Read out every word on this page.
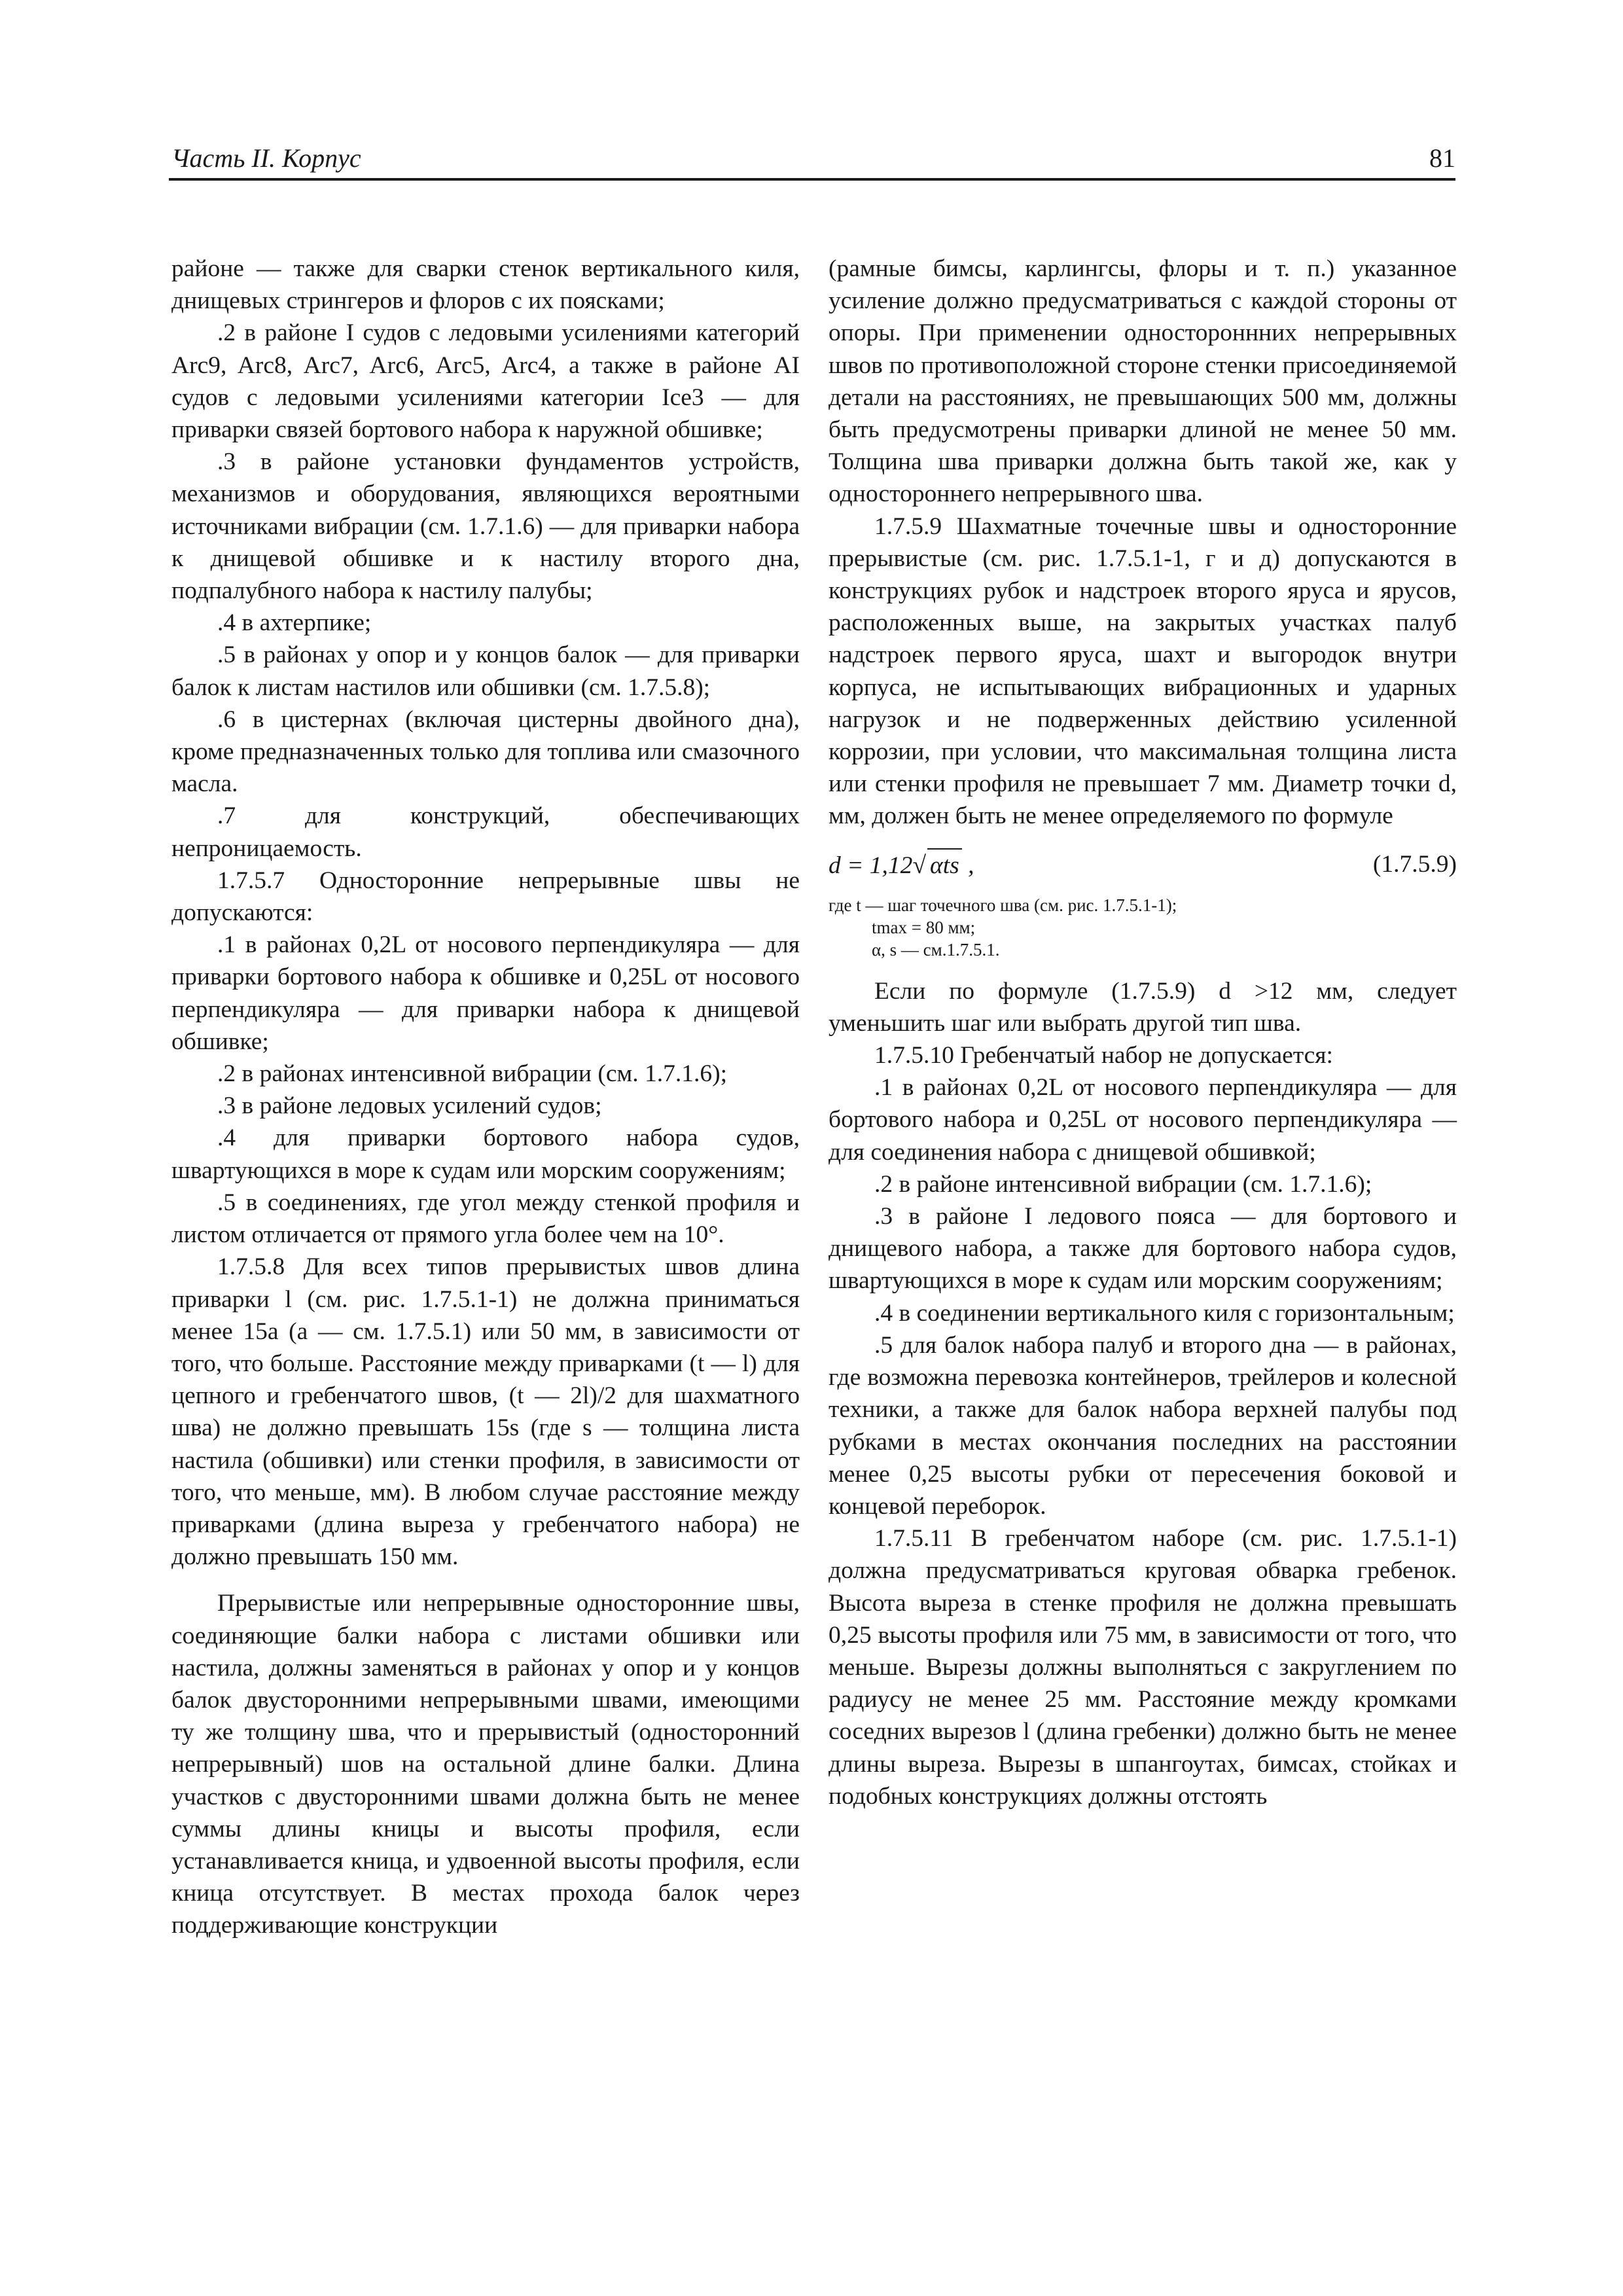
Часть II. Корпус	81

районе — также для сварки стенок вертикального киля, днищевых стрингеров и флоров с их поясками;

.2 в районе I судов с ледовыми усилениями категорий Arc9, Arc8, Arc7, Arc6, Arc5, Arc4, а также в районе AI судов с ледовыми усилениями категории Ice3 — для приварки связей бортового набора к наружной обшивке;

.3 в районе установки фундаментов устройств, механизмов и оборудования, являющихся вероятными источниками вибрации (см. 1.7.1.6) — для приварки набора к днищевой обшивке и к настилу второго дна, подпалубного набора к настилу палубы;

.4 в ахтерпике;

.5 в районах у опор и у концов балок — для приварки балок к листам настилов или обшивки (см. 1.7.5.8);

.6 в цистернах (включая цистерны двойного дна), кроме предназначенных только для топлива или смазочного масла.

.7 для конструкций, обеспечивающих непроницаемость.

1.7.5.7 Односторонние непрерывные швы не допускаются:

.1 в районах 0,2L от носового перпендикуляра — для приварки бортового набора к обшивке и 0,25L от носового перпендикуляра — для приварки набора к днищевой обшивке;

.2 в районах интенсивной вибрации (см. 1.7.1.6);

.3 в районе ледовых усилений судов;

.4 для приварки бортового набора судов, швартующихся в море к судам или морским сооружениям;

.5 в соединениях, где угол между стенкой профиля и листом отличается от прямого угла более чем на 10°.

1.7.5.8 Для всех типов прерывистых швов длина приварки l (см. рис. 1.7.5.1-1) не должна приниматься менее 15a (a — см. 1.7.5.1) или 50 мм, в зависимости от того, что больше. Расстояние между приварками (t — l) для цепного и гребенчатого швов, (t — 2l)/2 для шахматного шва) не должно превышать 15s (где s — толщина листа настила (обшивки) или стенки профиля, в зависимости от того, что меньше, мм). В любом случае расстояние между приварками (длина выреза у гребенчатого набора) не должно превышать 150 мм.

Прерывистые или непрерывные односторонние швы, соединяющие балки набора с листами обшивки или настила, должны заменяться в районах у опор и у концов балок двусторонними непрерывными швами, имеющими ту же толщину шва, что и прерывистый (односторонний непрерывный) шов на остальной длине балки. Длина участков с двусторонними швами должна быть не менее суммы длины кницы и высоты профиля, если устанавливается кница, и удвоенной высоты профиля, если кница отсутствует. В местах прохода балок через поддерживающие конструкции

(рамные бимсы, карлингсы, флоры и т. п.) указанное усиление должно предусматриваться с каждой стороны от опоры. При применении одностороннних непрерывных швов по противоположной стороне стенки присоединяемой детали на расстояниях, не превышающих 500 мм, должны быть предусмотрены приварки длиной не менее 50 мм. Толщина шва приварки должна быть такой же, как у одностороннего непрерывного шва.

1.7.5.9 Шахматные точечные швы и односторонние прерывистые (см. рис. 1.7.5.1-1, г и д) допускаются в конструкциях рубок и надстроек второго яруса и ярусов, расположенных выше, на закрытых участках палуб надстроек первого яруса, шахт и выгородок внутри корпуса, не испытывающих вибрационных и ударных нагрузок и не подверженных действию усиленной коррозии, при условии, что максимальная толщина листа или стенки профиля не превышает 7 мм. Диаметр точки d, мм, должен быть не менее определяемого по формуле

d = 1,12√ αts ,	(1.7.5.9)
где t — шаг точечного шва (см. рис. 1.7.5.1-1);
tmax = 80 мм;
α, s — см.1.7.5.1.

Если по формуле (1.7.5.9) d >12 мм, следует уменьшить шаг или выбрать другой тип шва.

1.7.5.10 Гребенчатый набор не допускается:

.1 в районах 0,2L от носового перпендикуляра — для бортового набора и 0,25L от носового перпендикуляра — для соединения набора с днищевой обшивкой;

.2 в районе интенсивной вибрации (см. 1.7.1.6);

.3 в районе I ледового пояса — для бортового и днищевого набора, а также для бортового набора судов, швартующихся в море к судам или морским сооружениям;

.4 в соединении вертикального киля с горизонтальным;

.5 для балок набора палуб и второго дна — в районах, где возможна перевозка контейнеров, трейлеров и колесной техники, а также для балок набора верхней палубы под рубками в местах окончания последних на расстоянии менее 0,25 высоты рубки от пересечения боковой и концевой переборок.

1.7.5.11 В гребенчатом наборе (см. рис. 1.7.5.1-1) должна предусматриваться круговая обварка гребенок. Высота выреза в стенке профиля не должна превышать 0,25 высоты профиля или 75 мм, в зависимости от того, что меньше. Вырезы должны выполняться с закруглением по радиусу не менее 25 мм. Расстояние между кромками соседних вырезов l (длина гребенки) должно быть не менее длины выреза. Вырезы в шпангоутах, бимсах, стойках и подобных конструкциях должны отстоять
